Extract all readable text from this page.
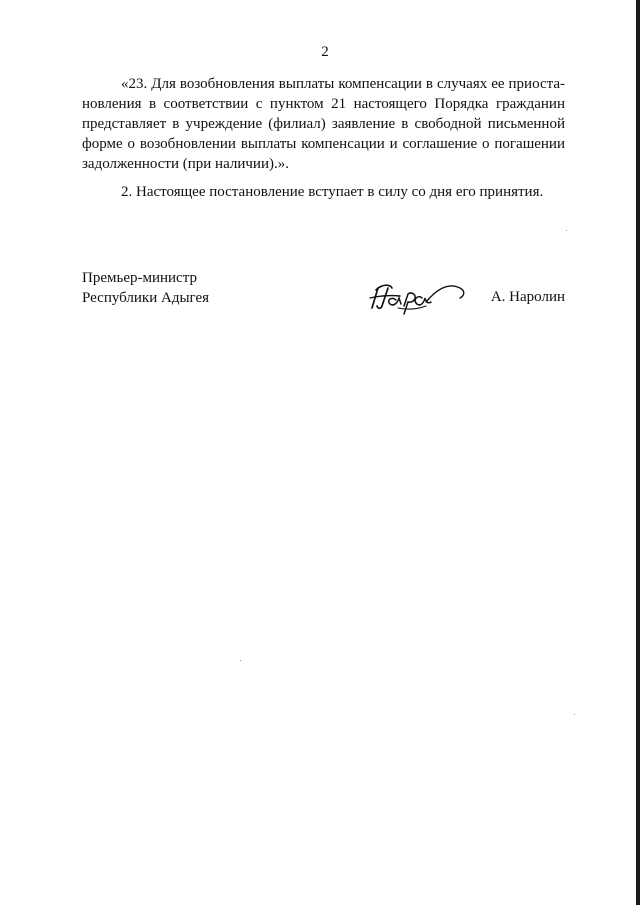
2
«23. Для возобновления выплаты компенсации в случаях ее приоста-
новления в соответствии с пунктом 21 настоящего Порядка гражданин
представляет в учреждение (филиал) заявление в свободной письменной
форме о возобновлении выплаты компенсации и соглашение о погашении
задолженности (при наличии).».
2. Настоящее постановление вступает в силу со дня его принятия.
Премьер-министр
Республики Адыгея	А. Наролин
